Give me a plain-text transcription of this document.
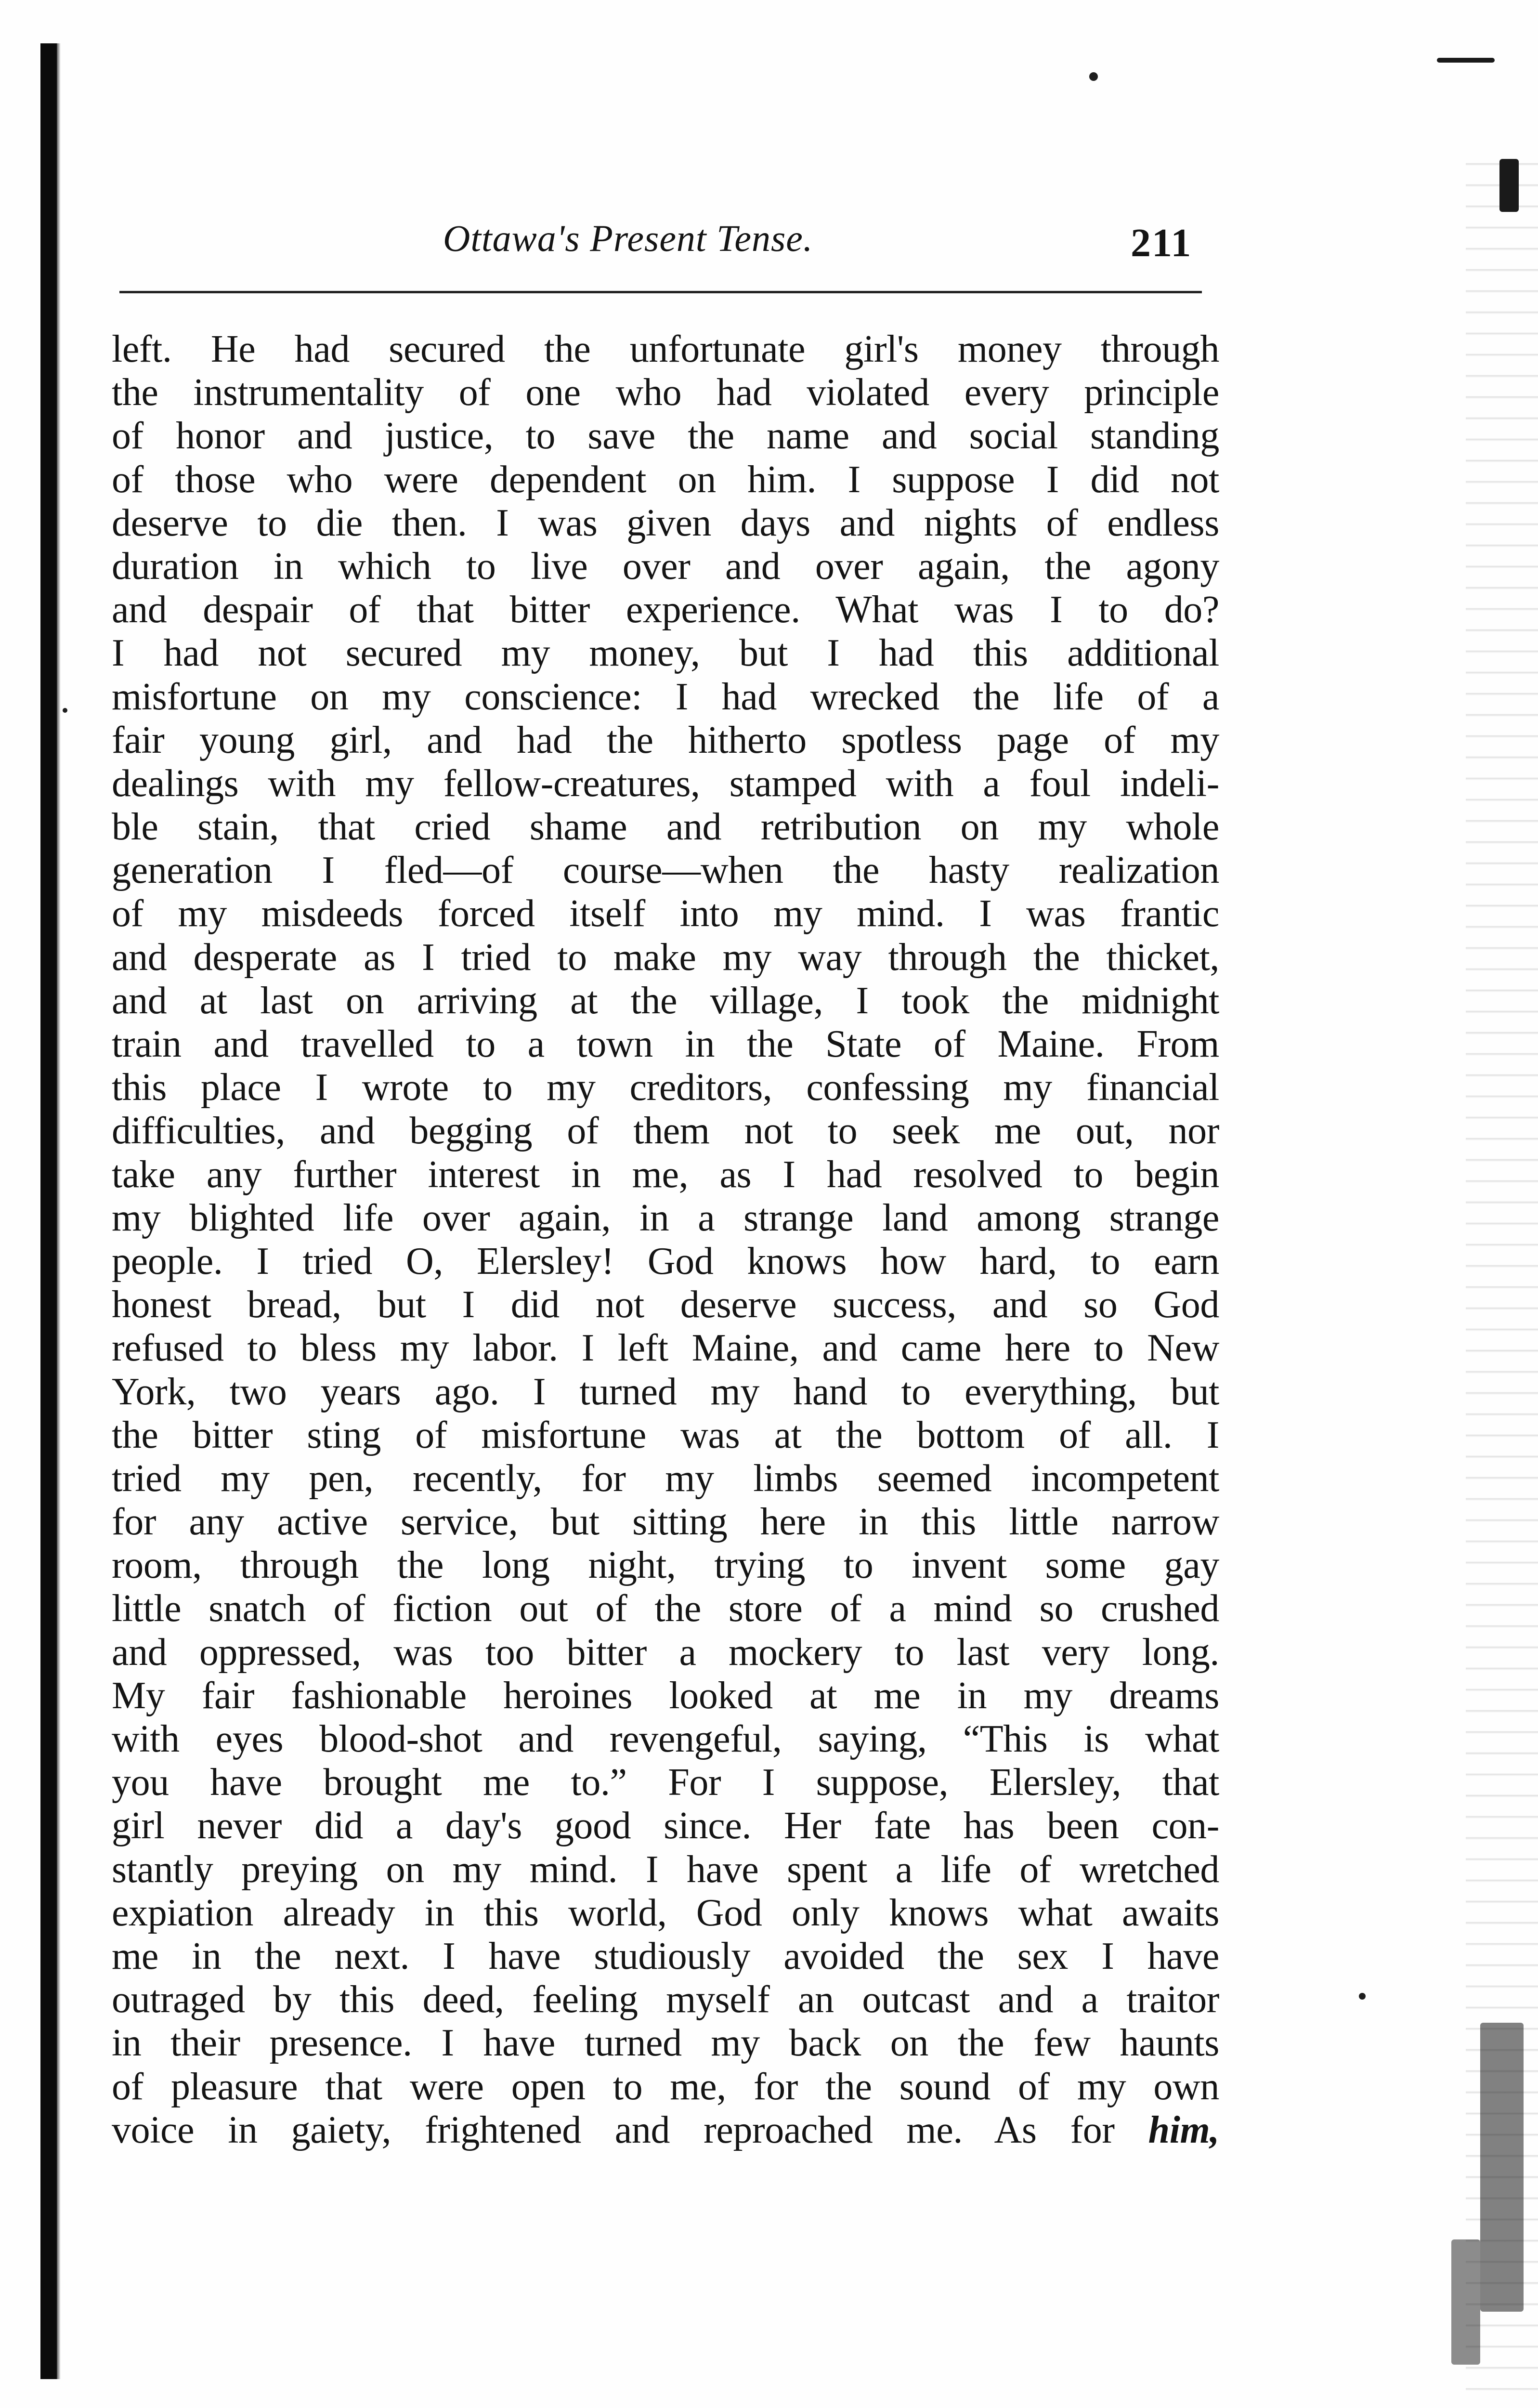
Ottawa's Present Tense.	211
left. He had secured the unfortunate girl's money through
the instrumentality of one who had violated every principle
of honor and justice, to save the name and social standing
of those who were dependent on him. I suppose I did not
deserve to die then. I was given days and nights of endless
duration in which to live over and over again, the agony
and despair of that bitter experience. What was I to do?
I had not secured my money, but I had this additional
misfortune on my conscience: I had wrecked the life of a
fair young girl, and had the hitherto spotless page of my
dealings with my fellow-creatures, stamped with a foul indeli-
ble stain, that cried shame and retribution on my whole
generation I fled—of course—when the hasty realization
of my misdeeds forced itself into my mind. I was frantic
and desperate as I tried to make my way through the thicket,
and at last on arriving at the village, I took the midnight
train and travelled to a town in the State of Maine. From
this place I wrote to my creditors, confessing my financial
difficulties, and begging of them not to seek me out, nor
take any further interest in me, as I had resolved to begin
my blighted life over again, in a strange land among strange
people. I tried O, Elersley! God knows how hard, to earn
honest bread, but I did not deserve success, and so God
refused to bless my labor. I left Maine, and came here to New
York, two years ago. I turned my hand to everything, but
the bitter sting of misfortune was at the bottom of all. I
tried my pen, recently, for my limbs seemed incompetent
for any active service, but sitting here in this little narrow
room, through the long night, trying to invent some gay
little snatch of fiction out of the store of a mind so crushed
and oppressed, was too bitter a mockery to last very long.
My fair fashionable heroines looked at me in my dreams
with eyes blood-shot and revengeful, saying, “This is what
you have brought me to.” For I suppose, Elersley, that
girl never did a day's good since. Her fate has been con-
stantly preying on my mind. I have spent a life of wretched
expiation already in this world, God only knows what awaits
me in the next. I have studiously avoided the sex I have
outraged by this deed, feeling myself an outcast and a traitor
in their presence. I have turned my back on the few haunts
of pleasure that were open to me, for the sound of my own
voice in gaiety, frightened and reproached me. As for him,
